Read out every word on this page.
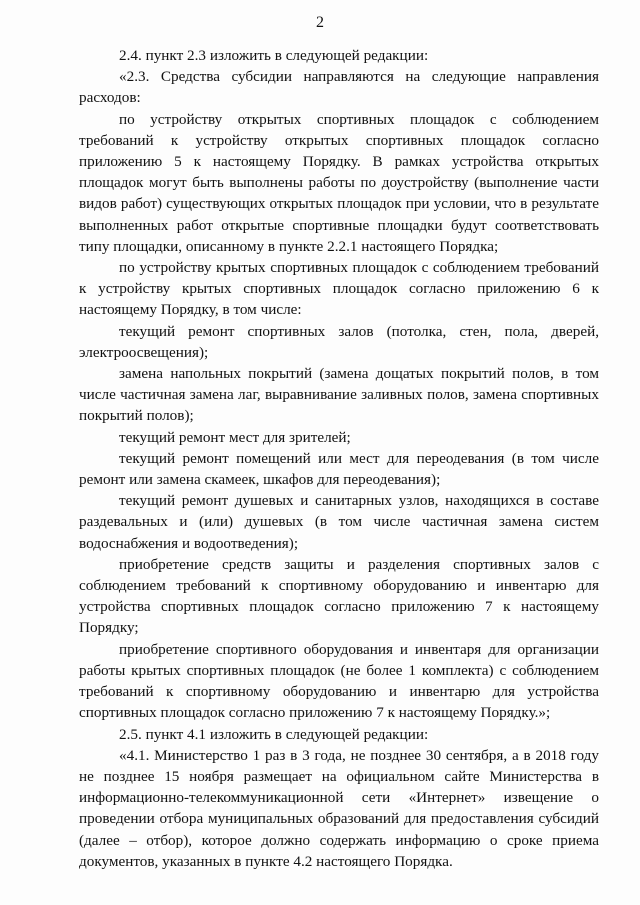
2

2.4. пункт 2.3 изложить в следующей редакции:

«2.3. Средства субсидии направляются на следующие направления расходов:

по устройству открытых спортивных площадок с соблюдением требований к устройству открытых спортивных площадок согласно приложению 5 к настоящему Порядку. В рамках устройства открытых площадок могут быть выполнены работы по доустройству (выполнение части видов работ) существующих открытых площадок при условии, что в результате выполненных работ открытые спортивные площадки будут соответствовать типу площадки, описанному в пункте 2.2.1 настоящего Порядка;

по устройству крытых спортивных площадок с соблюдением требований к устройству крытых спортивных площадок согласно приложению 6 к настоящему Порядку, в том числе:

текущий ремонт спортивных залов (потолка, стен, пола, дверей, электроосвещения);

замена напольных покрытий (замена дощатых покрытий полов, в том числе частичная замена лаг, выравнивание заливных полов, замена спортивных покрытий полов);

текущий ремонт мест для зрителей;

текущий ремонт помещений или мест для переодевания (в том числе ремонт или замена скамеек, шкафов для переодевания);

текущий ремонт душевых и санитарных узлов, находящихся в составе раздевальных и (или) душевых (в том числе частичная замена систем водоснабжения и водоотведения);

приобретение средств защиты и разделения спортивных залов с соблюдением требований к спортивному оборудованию и инвентарю для устройства спортивных площадок согласно приложению 7 к настоящему Порядку;

приобретение спортивного оборудования и инвентаря для организации работы крытых спортивных площадок (не более 1 комплекта) с соблюдением требований к спортивному оборудованию и инвентарю для устройства спортивных площадок согласно приложению 7 к настоящему Порядку.»;

2.5. пункт 4.1 изложить в следующей редакции:

«4.1. Министерство 1 раз в 3 года, не позднее 30 сентября, а в 2018 году не позднее 15 ноября размещает на официальном сайте Министерства в информационно-телекоммуникационной сети «Интернет» извещение о проведении отбора муниципальных образований для предоставления субсидий (далее – отбор), которое должно содержать информацию о сроке приема документов, указанных в пункте 4.2 настоящего Порядка.
